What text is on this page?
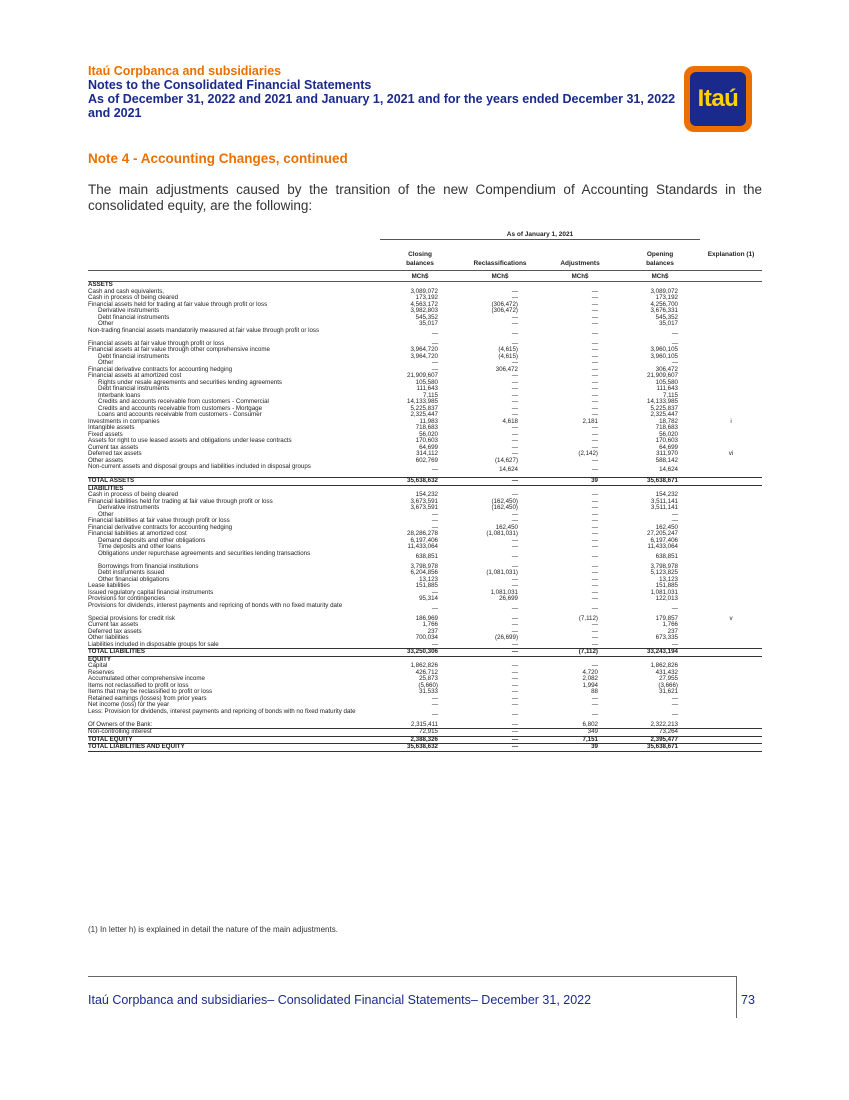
Itaú Corpbanca and subsidiaries
Notes to the Consolidated Financial Statements
As of December 31, 2022 and 2021 and January 1, 2021 and for the years ended December 31, 2022
and 2021
Itaú
Note 4 - Accounting Changes, continued
The main adjustments caused by the transition of the new Compendium of Accounting Standards in the consolidated equity, are the following:
As of January 1, 2021
Closing
balances	Reclassifications	Adjustments
Opening
balances
Explanation (1)
MCh$	MCh$	MCh$	MCh$
ASSETS
Cash and cash equivalents,	3,089,072	—	—	3,089,072
Cash in process of being cleared	173,192	—	—	173,192
Financial assets held for trading at fair value through profit or loss	4,563,172	(306,472)	—	4,256,700
Derivative instruments	3,982,803	(306,472)	—	3,676,331
Debt financial instruments	545,352	—	—	545,352
Other	35,017	—	—	35,017
Non-trading financial assets mandatorily measured at fair value through profit or loss	—	—	—	—
Financial assets at fair value through profit or loss	—	—	—	—
Financial assets at fair value through other comprehensive income	3,964,720	(4,615)	—	3,960,105
Debt financial instruments	3,964,720	(4,615)	—	3,960,105
Other	—	—	—	—
Financial derivative contracts for accounting hedging	—	306,472	—	306,472
Financial assets at amortized cost	21,909,607	—	—	21,909,607
Rights under resale agreements and securities lending agreements	105,580	—	—	105,580
Debt financial instruments	111,643	—	—	111,643
Interbank loans	7,115	—	—	7,115
Credits and accounts receivable from customers - Commercial	14,133,985	—	—	14,133,985
Credits and accounts receivable from customers - Mortgage	5,225,837	—	—	5,225,837
Loans and accounts receivable from customers - Consumer	2,325,447	—	—	2,325,447
Investments in companies	11,983	4,618	2,181	18,782	i
Intangible assets	718,683	—	—	718,683
Fixed assets	56,020	—	—	56,020
Assets for right to use leased assets and obligations under lease contracts	170,603	—	—	170,603
Current tax assets	64,699	—	—	64,699
Deferred tax assets	314,112	—	(2,142)	311,970	vi
Other assets	602,769	(14,627)	—	588,142
Non-current assets and disposal groups and liabilities included in disposal groups	—	14,624	—	14,624
TOTAL ASSETS	35,638,632	—	39	35,638,671
LIABILITIES
Cash in process of being cleared	154,232	—	—	154,232
Financial liabilities held for trading at fair value through profit or loss	3,673,591	(162,450)	—	3,511,141
Derivative instruments	3,673,591	(162,450)	—	3,511,141
Other	—	—	—	—
Financial liabilities at fair value through profit or loss	—	—	—	—
Financial derivative contracts for accounting hedging	—	162,450	—	162,450
Financial liabilities at amortized cost	28,286,278	(1,081,031)	—	27,205,247
Demand deposits and other obligations	6,197,406	—	—	6,197,406
Time deposits and other loans	11,433,064	—	—	11,433,064
Obligations under repurchase agreements and securities lending transactions	638,851	—	—	638,851
Borrowings from financial institutions	3,798,978	—	—	3,798,978
Debt instruments issued	6,204,856	(1,081,031)	—	5,123,825
Other financial obligations	13,123	—	—	13,123
Lease liabilities	151,885	—	—	151,885
Issued regulatory capital financial instruments	—	1,081,031	—	1,081,031
Provisions for contingencies	95,314	26,699	—	122,013
Provisions for dividends, interest payments and repricing of bonds with no fixed maturity date	—	—	—	—
Special provisions for credit risk	186,969	—	(7,112)	179,857	v
Current tax assets	1,766	—	—	1,766
Deferred tax assets	237	—	—	237
Other liabilities	700,034	(26,699)	—	673,335
Liabilities included in disposable groups for sale	—	—	—	—
TOTAL LIABILITIES	33,250,306	—	(7,112)	33,243,194
EQUITY
Capital	1,862,826	—	—	1,862,826
Reserves	426,712	—	4,720	431,432
Accumulated other comprehensive income	25,873	—	2,082	27,955
Items not reclassified to profit or loss	(5,660)	—	1,994	(3,666)
Items that may be reclassified to profit or loss	31,533	—	88	31,621
Retained earnings (losses) from prior years	—	—	—	—
Net income (loss) for the year	—	—	—	—
Less: Provision for dividends, interest payments and repricing of bonds with no fixed maturity date	—	—	—	—
Of Owners of the Bank:	2,315,411	—	6,802	2,322,213
Non-controlling interest	72,915	—	349	73,264
TOTAL EQUITY	2,388,326	—	7,151	2,395,477
TOTAL LIABILITIES AND EQUITY	35,638,632	—	39	35,638,671
(1) In letter h) is explained in detail the nature of the main adjustments.
Itaú Corpbanca and subsidiaries– Consolidated Financial Statements– December 31, 2022	73
